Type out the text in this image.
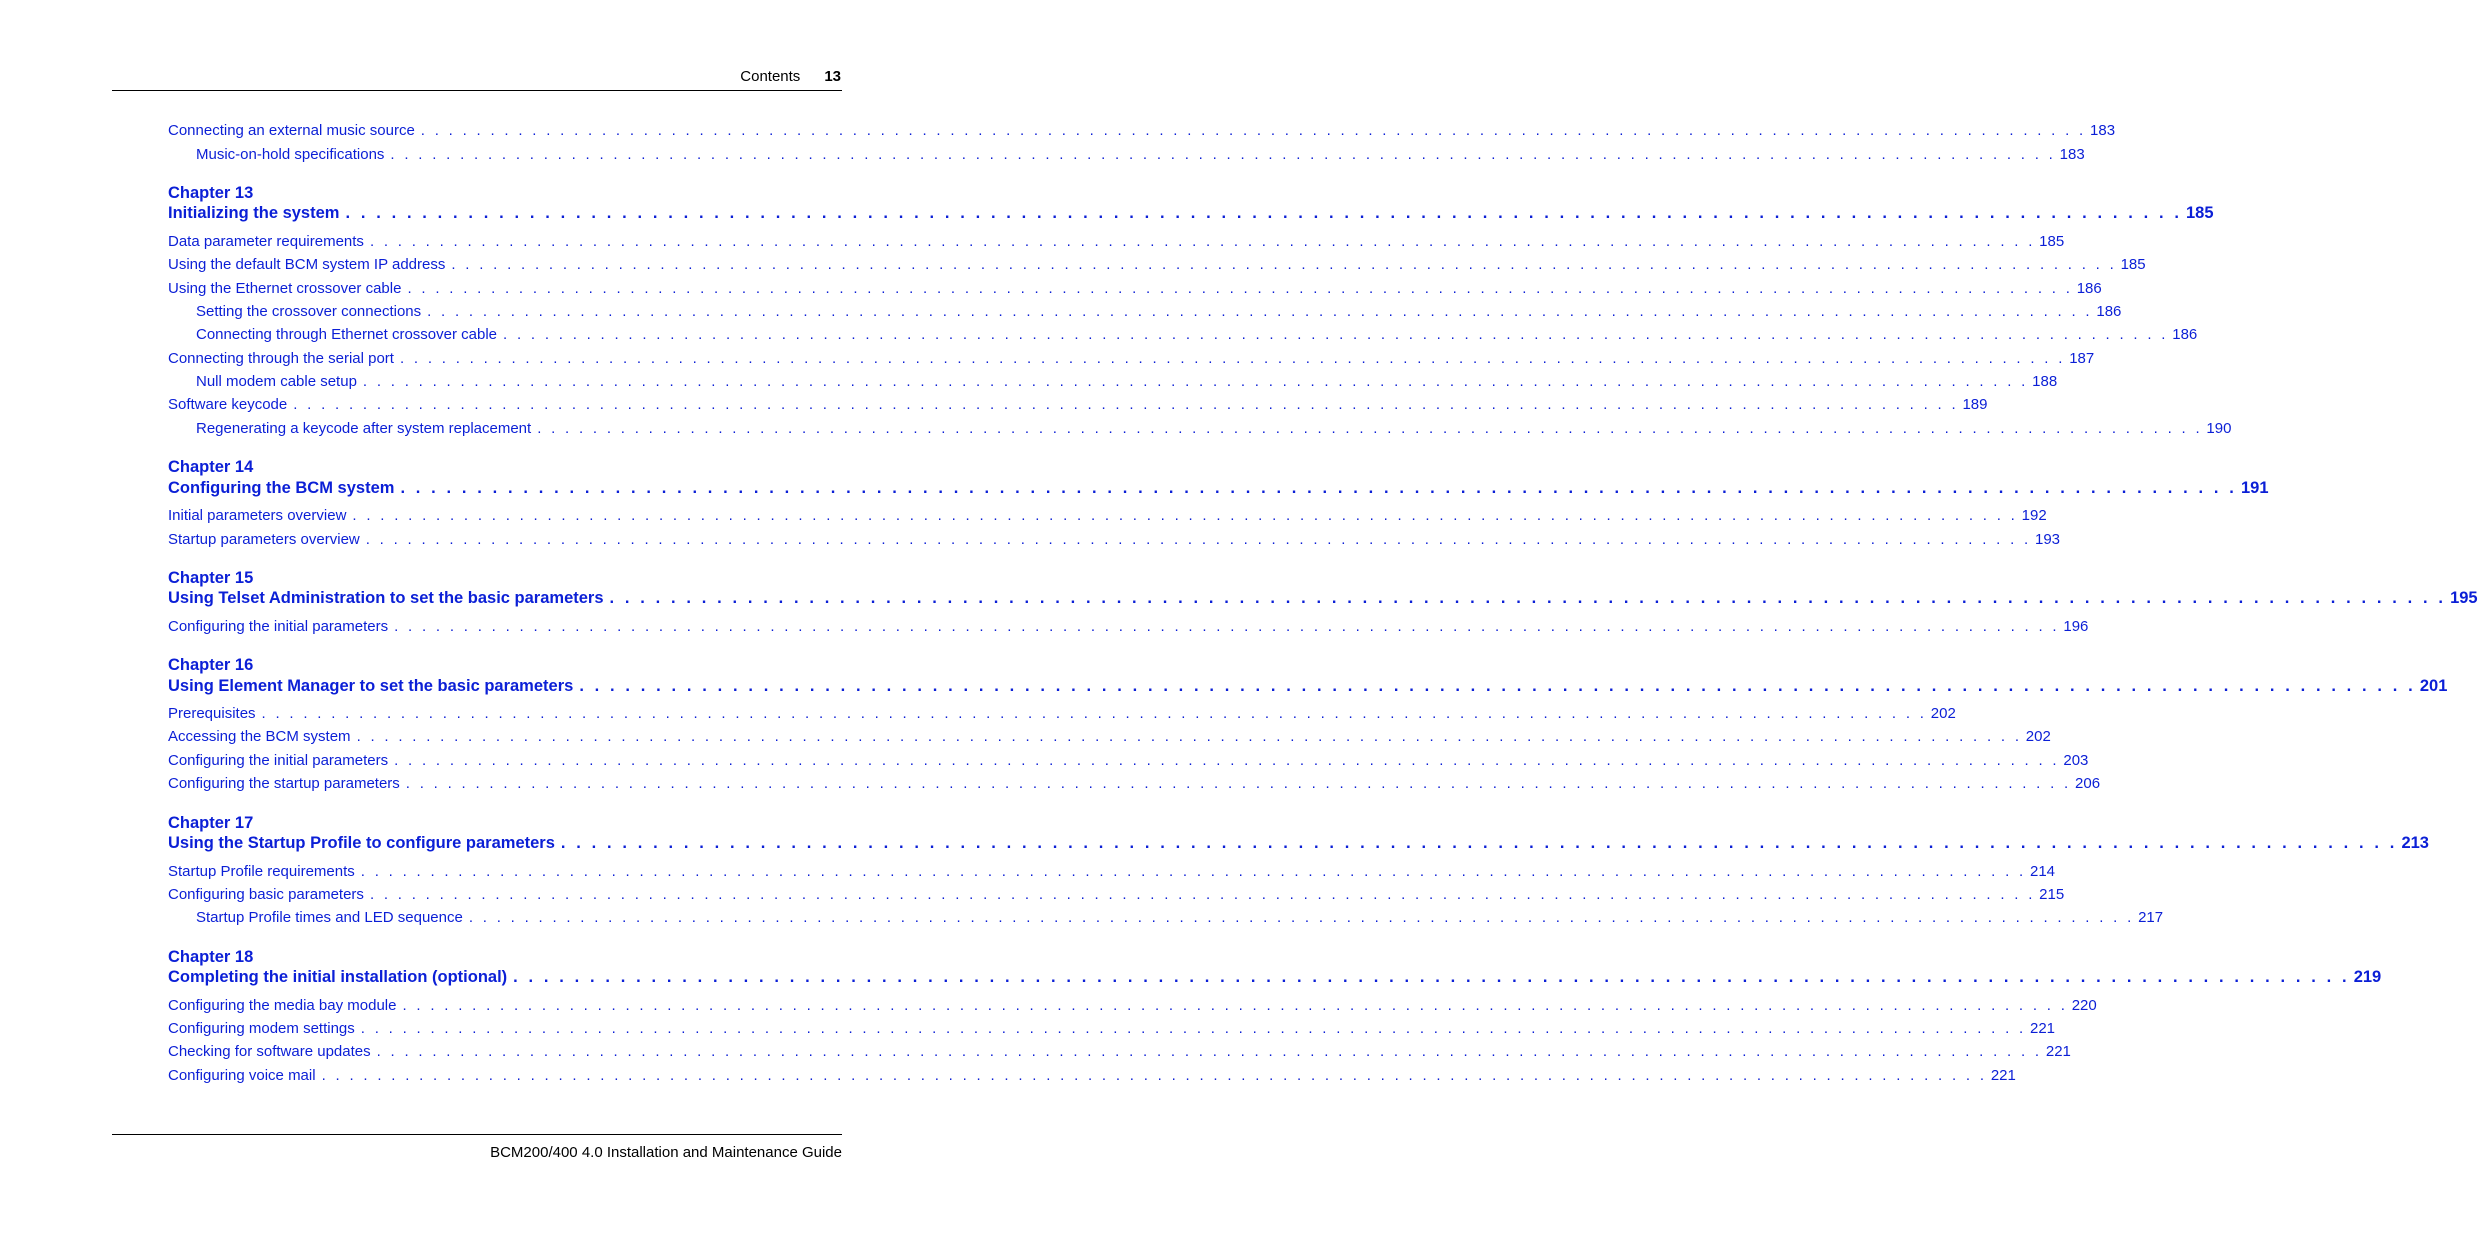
Contents 13
Connecting an external music source . . . . . . . . . . . . . . . . . . . . . . . . . . . . . . . . . . . . . . . . . . . . . . . . . . . . . . . . . . . . . . . . . . . . . . . . . . . . . . . . . . . . . . . . . . . . . . . . . . . . . . . . . . . . . . . . . . . . . . . . 183
Music-on-hold specifications . . . . . . . . . . . . . . . . . . . . . . . . . . . . . . . . . . . . . . . . . . . . . . . . . . . . . . . . . . . . . . . . . . . . . . . . . . . . . . . . . . . . . . . . . . . . . . . . . . . . . . . . . . . . . . . . . . . . . . . . 183
Chapter 13
Initializing the system . . . . . . . . . . . . . . . . . . . . . . . . . . . . . . . . . . . . . . . . . . . . . . . . . . . . . . . . . . . . . . . . . . . . . . . . . . . . . . . . . . . . . . . . . . . . . . . . . . . . . . . . . . . . . . . . . . . . . . . . 185
Data parameter requirements . . . . . . . . . . . . . . . . . . . . . . . . . . . . . . . . . . . . . . . . . . . . . . . . . . . . . . . . . . . . . . . . . . . . . . . . . . . . . . . . . . . . . . . . . . . . . . . . . . . . . . . . . . . . . . . . . . . . . . . . 185
Using the default BCM system IP address . . . . . . . . . . . . . . . . . . . . . . . . . . . . . . . . . . . . . . . . . . . . . . . . . . . . . . . . . . . . . . . . . . . . . . . . . . . . . . . . . . . . . . . . . . . . . . . . . . . . . . . . . . . . . . . . . . . . . . . . 185
Using the Ethernet crossover cable . . . . . . . . . . . . . . . . . . . . . . . . . . . . . . . . . . . . . . . . . . . . . . . . . . . . . . . . . . . . . . . . . . . . . . . . . . . . . . . . . . . . . . . . . . . . . . . . . . . . . . . . . . . . . . . . . . . . . . . . 186
Setting the crossover connections . . . . . . . . . . . . . . . . . . . . . . . . . . . . . . . . . . . . . . . . . . . . . . . . . . . . . . . . . . . . . . . . . . . . . . . . . . . . . . . . . . . . . . . . . . . . . . . . . . . . . . . . . . . . . . . . . . . . . . . . 186
Connecting through Ethernet crossover cable . . . . . . . . . . . . . . . . . . . . . . . . . . . . . . . . . . . . . . . . . . . . . . . . . . . . . . . . . . . . . . . . . . . . . . . . . . . . . . . . . . . . . . . . . . . . . . . . . . . . . . . . . . . . . . . . . . . . . . . . 186
Connecting through the serial port . . . . . . . . . . . . . . . . . . . . . . . . . . . . . . . . . . . . . . . . . . . . . . . . . . . . . . . . . . . . . . . . . . . . . . . . . . . . . . . . . . . . . . . . . . . . . . . . . . . . . . . . . . . . . . . . . . . . . . . . 187
Null modem cable setup . . . . . . . . . . . . . . . . . . . . . . . . . . . . . . . . . . . . . . . . . . . . . . . . . . . . . . . . . . . . . . . . . . . . . . . . . . . . . . . . . . . . . . . . . . . . . . . . . . . . . . . . . . . . . . . . . . . . . . . . 188
Software keycode . . . . . . . . . . . . . . . . . . . . . . . . . . . . . . . . . . . . . . . . . . . . . . . . . . . . . . . . . . . . . . . . . . . . . . . . . . . . . . . . . . . . . . . . . . . . . . . . . . . . . . . . . . . . . . . . . . . . . . . . 189
Regenerating a keycode after system replacement . . . . . . . . . . . . . . . . . . . . . . . . . . . . . . . . . . . . . . . . . . . . . . . . . . . . . . . . . . . . . . . . . . . . . . . . . . . . . . . . . . . . . . . . . . . . . . . . . . . . . . . . . . . . . . . . . . . . . . . . 190
Chapter 14
Configuring the BCM system . . . . . . . . . . . . . . . . . . . . . . . . . . . . . . . . . . . . . . . . . . . . . . . . . . . . . . . . . . . . . . . . . . . . . . . . . . . . . . . . . . . . . . . . . . . . . . . . . . . . . . . . . . . . . . . . . . . . . . . . 191
Initial parameters overview . . . . . . . . . . . . . . . . . . . . . . . . . . . . . . . . . . . . . . . . . . . . . . . . . . . . . . . . . . . . . . . . . . . . . . . . . . . . . . . . . . . . . . . . . . . . . . . . . . . . . . . . . . . . . . . . . . . . . . . . 192
Startup parameters overview . . . . . . . . . . . . . . . . . . . . . . . . . . . . . . . . . . . . . . . . . . . . . . . . . . . . . . . . . . . . . . . . . . . . . . . . . . . . . . . . . . . . . . . . . . . . . . . . . . . . . . . . . . . . . . . . . . . . . . . . 193
Chapter 15
Using Telset Administration to set the basic parameters . . . . . . . . . . . . . . . . . . . . . . . . . . . . . . . . . . . . . . . . . . . . . . . . . . . . . . . . . . . . . . . . . . . . . . . . . . . . . . . . . . . . . . . . . . . . . . . . . . . . . . . . . . . . . . . . . . . . . . . . 195
Configuring the initial parameters . . . . . . . . . . . . . . . . . . . . . . . . . . . . . . . . . . . . . . . . . . . . . . . . . . . . . . . . . . . . . . . . . . . . . . . . . . . . . . . . . . . . . . . . . . . . . . . . . . . . . . . . . . . . . . . . . . . . . . . . 196
Chapter 16
Using Element Manager to set the basic parameters . . . . . . . . . . . . . . . . . . . . . . . . . . . . . . . . . . . . . . . . . . . . . . . . . . . . . . . . . . . . . . . . . . . . . . . . . . . . . . . . . . . . . . . . . . . . . . . . . . . . . . . . . . . . . . . . . . . . . . . . 201
Prerequisites . . . . . . . . . . . . . . . . . . . . . . . . . . . . . . . . . . . . . . . . . . . . . . . . . . . . . . . . . . . . . . . . . . . . . . . . . . . . . . . . . . . . . . . . . . . . . . . . . . . . . . . . . . . . . . . . . . . . . . . . 202
Accessing the BCM system . . . . . . . . . . . . . . . . . . . . . . . . . . . . . . . . . . . . . . . . . . . . . . . . . . . . . . . . . . . . . . . . . . . . . . . . . . . . . . . . . . . . . . . . . . . . . . . . . . . . . . . . . . . . . . . . . . . . . . . . 202
Configuring the initial parameters . . . . . . . . . . . . . . . . . . . . . . . . . . . . . . . . . . . . . . . . . . . . . . . . . . . . . . . . . . . . . . . . . . . . . . . . . . . . . . . . . . . . . . . . . . . . . . . . . . . . . . . . . . . . . . . . . . . . . . . . 203
Configuring the startup parameters . . . . . . . . . . . . . . . . . . . . . . . . . . . . . . . . . . . . . . . . . . . . . . . . . . . . . . . . . . . . . . . . . . . . . . . . . . . . . . . . . . . . . . . . . . . . . . . . . . . . . . . . . . . . . . . . . . . . . . . . 206
Chapter 17
Using the Startup Profile to configure parameters . . . . . . . . . . . . . . . . . . . . . . . . . . . . . . . . . . . . . . . . . . . . . . . . . . . . . . . . . . . . . . . . . . . . . . . . . . . . . . . . . . . . . . . . . . . . . . . . . . . . . . . . . . . . . . . . . . . . . . . . 213
Startup Profile requirements . . . . . . . . . . . . . . . . . . . . . . . . . . . . . . . . . . . . . . . . . . . . . . . . . . . . . . . . . . . . . . . . . . . . . . . . . . . . . . . . . . . . . . . . . . . . . . . . . . . . . . . . . . . . . . . . . . . . . . . . 214
Configuring basic parameters . . . . . . . . . . . . . . . . . . . . . . . . . . . . . . . . . . . . . . . . . . . . . . . . . . . . . . . . . . . . . . . . . . . . . . . . . . . . . . . . . . . . . . . . . . . . . . . . . . . . . . . . . . . . . . . . . . . . . . . . 215
Startup Profile times and LED sequence . . . . . . . . . . . . . . . . . . . . . . . . . . . . . . . . . . . . . . . . . . . . . . . . . . . . . . . . . . . . . . . . . . . . . . . . . . . . . . . . . . . . . . . . . . . . . . . . . . . . . . . . . . . . . . . . . . . . . . . . 217
Chapter 18
Completing the initial installation (optional) . . . . . . . . . . . . . . . . . . . . . . . . . . . . . . . . . . . . . . . . . . . . . . . . . . . . . . . . . . . . . . . . . . . . . . . . . . . . . . . . . . . . . . . . . . . . . . . . . . . . . . . . . . . . . . . . . . . . . . . . 219
Configuring the media bay module . . . . . . . . . . . . . . . . . . . . . . . . . . . . . . . . . . . . . . . . . . . . . . . . . . . . . . . . . . . . . . . . . . . . . . . . . . . . . . . . . . . . . . . . . . . . . . . . . . . . . . . . . . . . . . . . . . . . . . . . 220
Configuring modem settings . . . . . . . . . . . . . . . . . . . . . . . . . . . . . . . . . . . . . . . . . . . . . . . . . . . . . . . . . . . . . . . . . . . . . . . . . . . . . . . . . . . . . . . . . . . . . . . . . . . . . . . . . . . . . . . . . . . . . . . . 221
Checking for software updates . . . . . . . . . . . . . . . . . . . . . . . . . . . . . . . . . . . . . . . . . . . . . . . . . . . . . . . . . . . . . . . . . . . . . . . . . . . . . . . . . . . . . . . . . . . . . . . . . . . . . . . . . . . . . . . . . . . . . . . . 221
Configuring voice mail . . . . . . . . . . . . . . . . . . . . . . . . . . . . . . . . . . . . . . . . . . . . . . . . . . . . . . . . . . . . . . . . . . . . . . . . . . . . . . . . . . . . . . . . . . . . . . . . . . . . . . . . . . . . . . . . . . . . . . . . 221
BCM200/400 4.0 Installation and Maintenance Guide
